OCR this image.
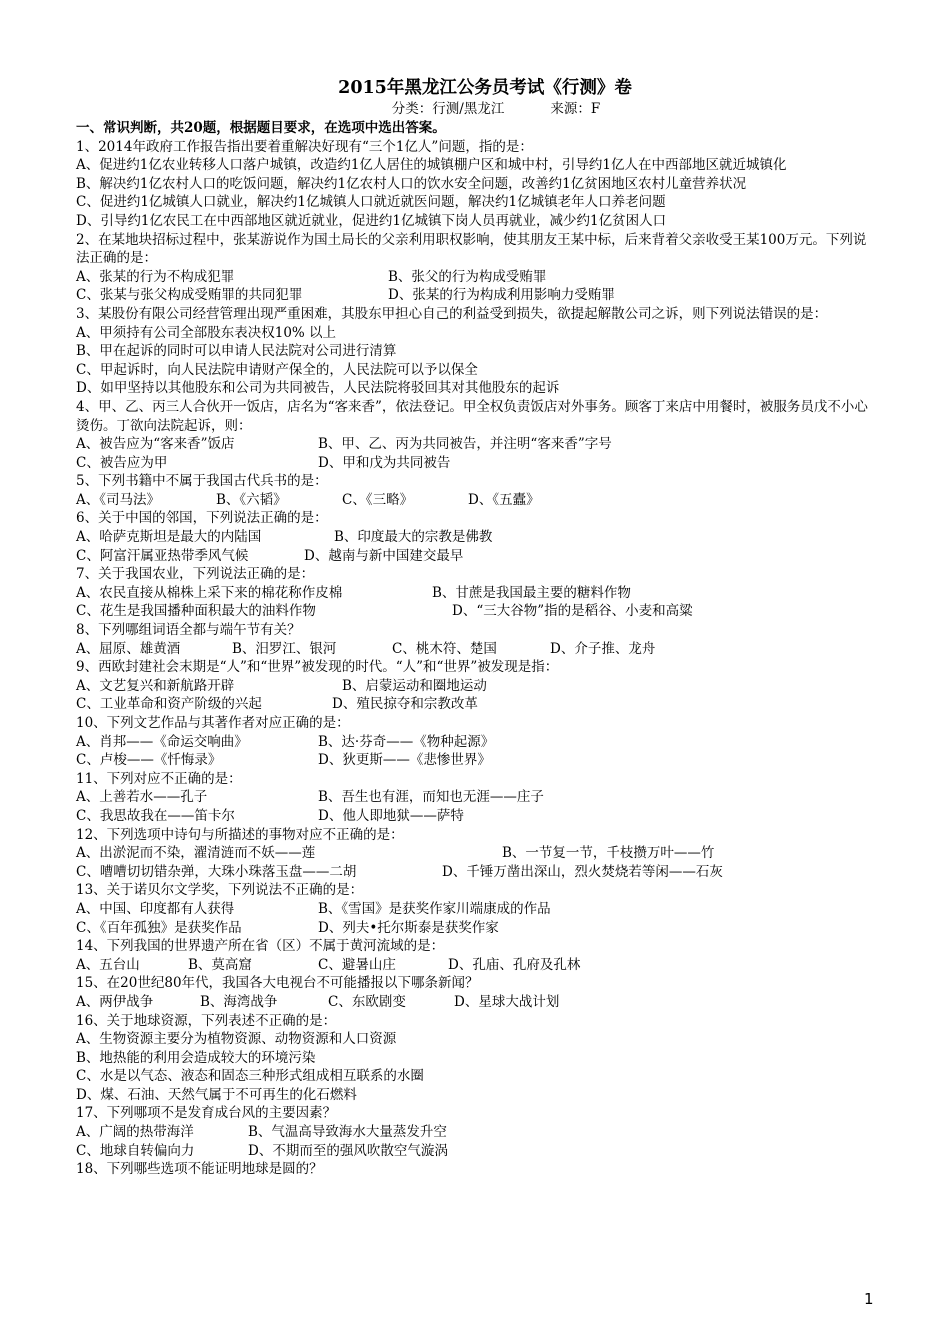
2015年黑龙江公务员考试《行测》卷
分类：行测/黑龙江	来源：F
一、常识判断，共20题，根据题目要求，在选项中选出答案。
1、2014年政府工作报告指出要着重解决好现有“三个1亿人”问题，指的是：
A、促进约1亿农业转移人口落户城镇，改造约1亿人居住的城镇棚户区和城中村，引导约1亿人在中西部地区就近城镇化
B、解决约1亿农村人口的吃饭问题，解决约1亿农村人口的饮水安全问题，改善约1亿贫困地区农村儿童营养状况
C、促进约1亿城镇人口就业，解决约1亿城镇人口就近就医问题，解决约1亿城镇老年人口养老问题
D、引导约1亿农民工在中西部地区就近就业，促进约1亿城镇下岗人员再就业，减少约1亿贫困人口
2、在某地块招标过程中，张某游说作为国土局长的父亲利用职权影响，使其朋友王某中标，后来背着父亲收受王某100万元。下列说法正确的是：
A、张某的行为不构成犯罪	B、张父的行为构成受贿罪
C、张某与张父构成受贿罪的共同犯罪	D、张某的行为构成利用影响力受贿罪
3、某股份有限公司经营管理出现严重困难，其股东甲担心自己的利益受到损失，欲提起解散公司之诉，则下列说法错误的是：
A、甲须持有公司全部股东表决权10% 以上
B、甲在起诉的同时可以申请人民法院对公司进行清算
C、甲起诉时，向人民法院申请财产保全的，人民法院可以予以保全
D、如甲坚持以其他股东和公司为共同被告，人民法院将驳回其对其他股东的起诉
4、甲、乙、丙三人合伙开一饭店，店名为“客来香”，依法登记。甲全权负责饭店对外事务。顾客丁来店中用餐时，被服务员戊不小心烫伤。丁欲向法院起诉，则：
A、被告应为“客来香”饭店	B、甲、乙、丙为共同被告，并注明“客来香”字号
C、被告应为甲	D、甲和戊为共同被告
5、下列书籍中不属于我国古代兵书的是：
A、《司马法》	B、《六韬》	C、《三略》	D、《五蠹》
6、关于中国的邻国，下列说法正确的是：
A、哈萨克斯坦是最大的内陆国	B、印度最大的宗教是佛教
C、阿富汗属亚热带季风气候	D、越南与新中国建交最早
7、关于我国农业，下列说法正确的是：
A、农民直接从棉株上采下来的棉花称作皮棉	B、甘蔗是我国最主要的糖料作物
C、花生是我国播种面积最大的油料作物	D、“三大谷物”指的是稻谷、小麦和高粱
8、下列哪组词语全都与端午节有关？
A、屈原、雄黄酒	B、汨罗江、银河	C、桃木符、楚国	D、介子推、龙舟
9、西欧封建社会末期是“人”和“世界”被发现的时代。“人”和“世界”被发现是指：
A、文艺复兴和新航路开辟	B、启蒙运动和圈地运动
C、工业革命和资产阶级的兴起	D、殖民掠夺和宗教改革
10、下列文艺作品与其著作者对应正确的是：
A、肖邦——《命运交响曲》	B、达·芬奇——《物种起源》
C、卢梭——《忏悔录》	D、狄更斯——《悲惨世界》
11、下列对应不正确的是：
A、上善若水——孔子	B、吾生也有涯，而知也无涯——庄子
C、我思故我在——笛卡尔	D、他人即地狱——萨特
12、下列选项中诗句与所描述的事物对应不正确的是：
A、出淤泥而不染，濯清涟而不妖——莲	B、一节复一节，千枝攒万叶——竹
C、嘈嘈切切错杂弹，大珠小珠落玉盘——二胡	D、千锤万凿出深山，烈火焚烧若等闲——石灰
13、关于诺贝尔文学奖，下列说法不正确的是：
A、中国、印度都有人获得	B、《雪国》是获奖作家川端康成的作品
C、《百年孤独》是获奖作品	D、列夫•托尔斯泰是获奖作家
14、下列我国的世界遗产所在省（区）不属于黄河流域的是：
A、五台山	B、莫高窟	C、避暑山庄	D、孔庙、孔府及孔林
15、在20世纪80年代，我国各大电视台不可能播报以下哪条新闻？
A、两伊战争	B、海湾战争	C、东欧剧变	D、星球大战计划
16、关于地球资源，下列表述不正确的是：
A、生物资源主要分为植物资源、动物资源和人口资源
B、地热能的利用会造成较大的环境污染
C、水是以气态、液态和固态三种形式组成相互联系的水圈
D、煤、石油、天然气属于不可再生的化石燃料
17、下列哪项不是发育成台风的主要因素？
A、广阔的热带海洋	B、气温高导致海水大量蒸发升空
C、地球自转偏向力	D、不期而至的强风吹散空气漩涡
18、下列哪些选项不能证明地球是圆的？
1
